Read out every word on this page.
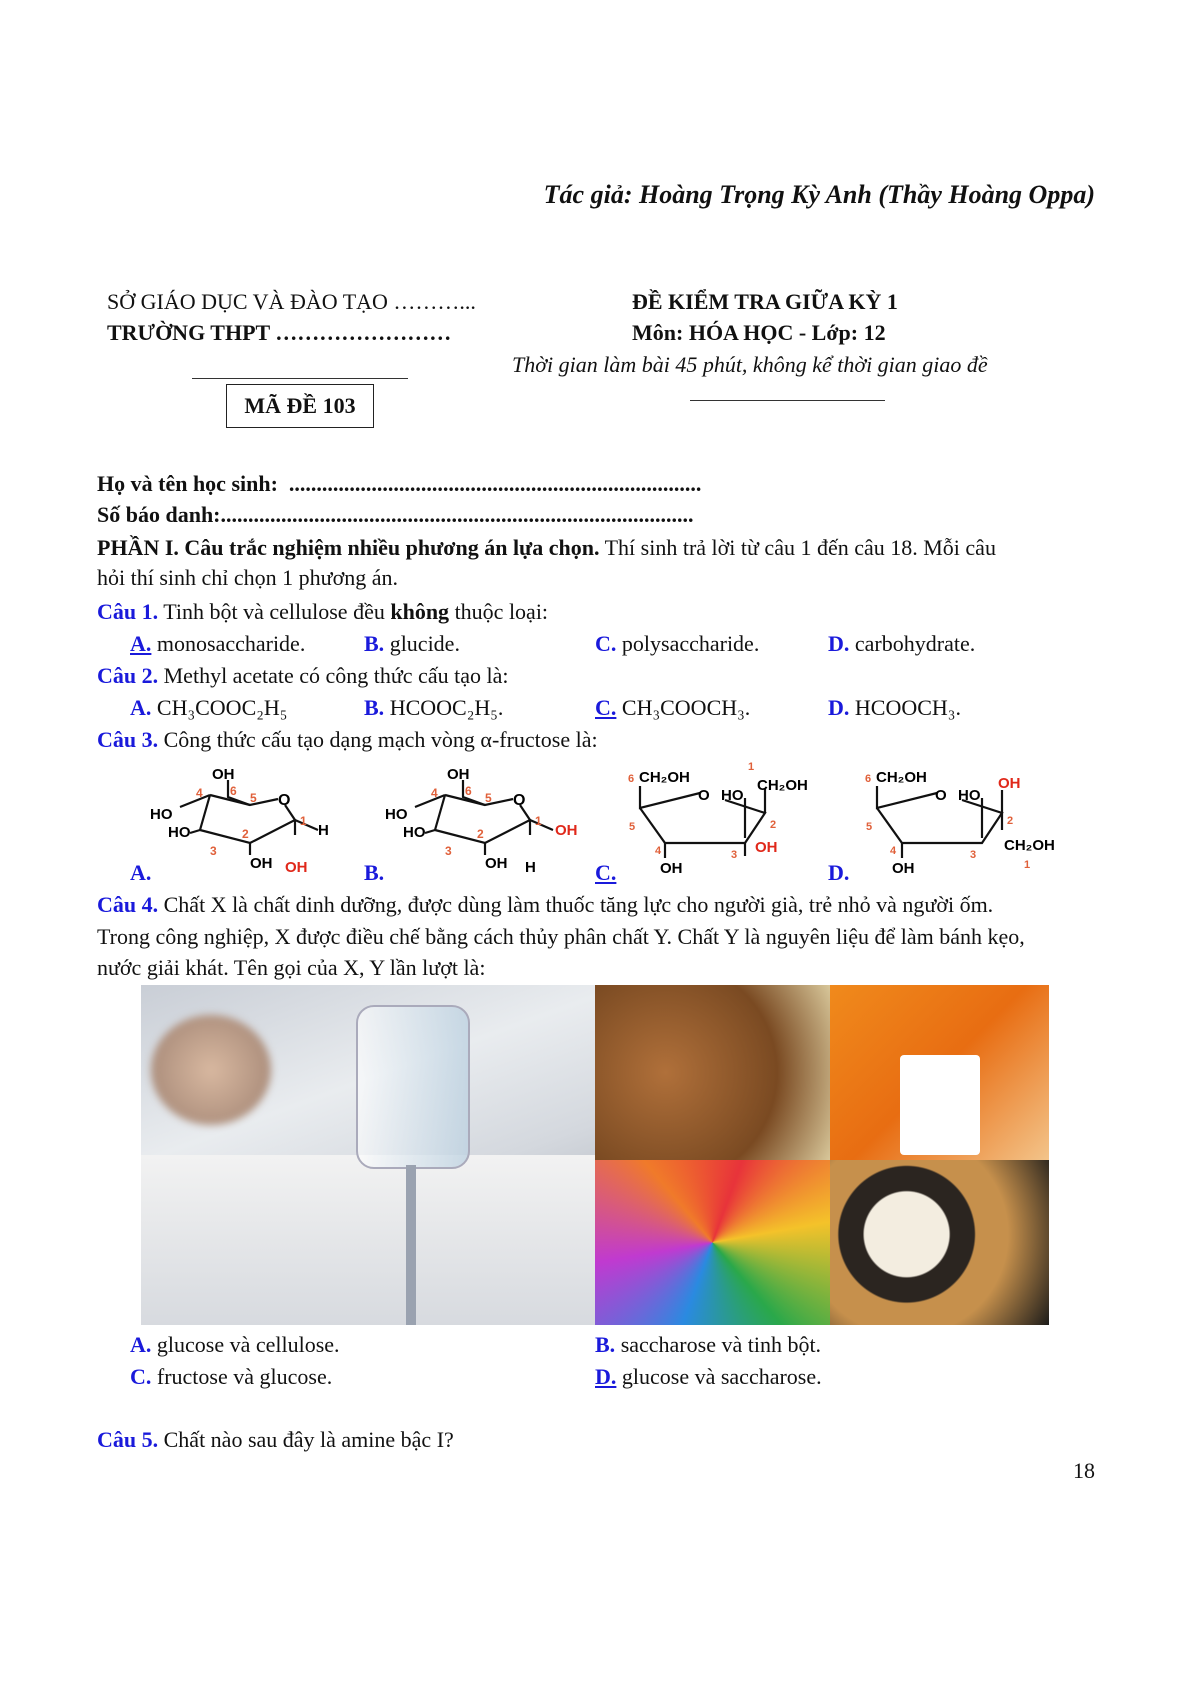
Tác giả: Hoàng Trọng Kỳ Anh (Thầy Hoàng Oppa)
SỞ GIÁO DỤC VÀ ĐÀO TẠO ………...
TRƯỜNG THPT ……………………
MÃ ĐỀ 103
ĐỀ KIỂM TRA GIỮA KỲ 1
Môn: HÓA HỌC - Lớp: 12
Thời gian làm bài 45 phút, không kể thời gian giao đề
Họ và tên học sinh: ...........................................................................
Số báo danh:......................................................................................
PHẦN I. Câu trắc nghiệm nhiều phương án lựa chọn. Thí sinh trả lời từ câu 1 đến câu 18. Mỗi câu
hỏi thí sinh chỉ chọn 1 phương án.
Câu 1. Tinh bột và cellulose đều không thuộc loại:
A. monosaccharide.	B. glucide.	C. polysaccharide.	D. carbohydrate.
Câu 2. Methyl acetate có công thức cấu tạo là:
A. CH₃COOC₂H₅	B. HCOOC₂H₅.	C. CH₃COOCH₃.	D. HCOOCH₃.
Câu 3. Công thức cấu tạo dạng mạch vòng α-fructose là:
A.	B.	C.	D.
OH
6
4	5 O
HO
HO
1
2
3
OH
H
OH
OH
6
4	5 O
HO
HO
1
2
3
OH
OH
H
CH₂OH
6
O HO
1
5	2
4	3
OH
OH
CH₂OH	CH₂OH
6
O HO
5	2
4	3
OH	1
OH
CH₂OH
Câu 4. Chất X là chất dinh dưỡng, được dùng làm thuốc tăng lực cho người già, trẻ nhỏ và người ốm.
Trong công nghiệp, X được điều chế bằng cách thủy phân chất Y. Chất Y là nguyên liệu để làm bánh kẹo,
nước giải khát. Tên gọi của X, Y lần lượt là:
A. glucose và cellulose.	B. saccharose và tinh bột.
C. fructose và glucose.	D. glucose và saccharose.
Câu 5. Chất nào sau đây là amine bậc I?
18
